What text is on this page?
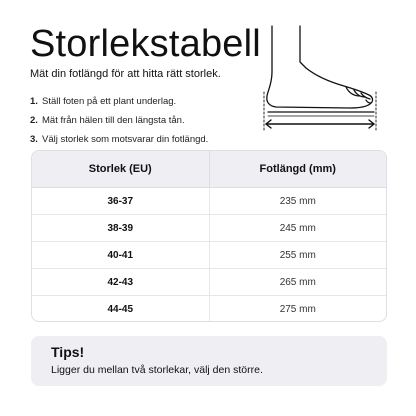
Storlekstabell
Mät din fotlängd för att hitta rätt storlek.
1. Ställ foten på ett plant underlag.
2. Mät från hälen till den längsta tån.
3. Välj storlek som motsvarar din fotlängd.
Storlek (EU)	Fotlängd (mm)
36-37	235 mm
38-39	245 mm
40-41	255 mm
42-43	265 mm
44-45	275 mm
Tips!
Ligger du mellan två storlekar, välj den större.
